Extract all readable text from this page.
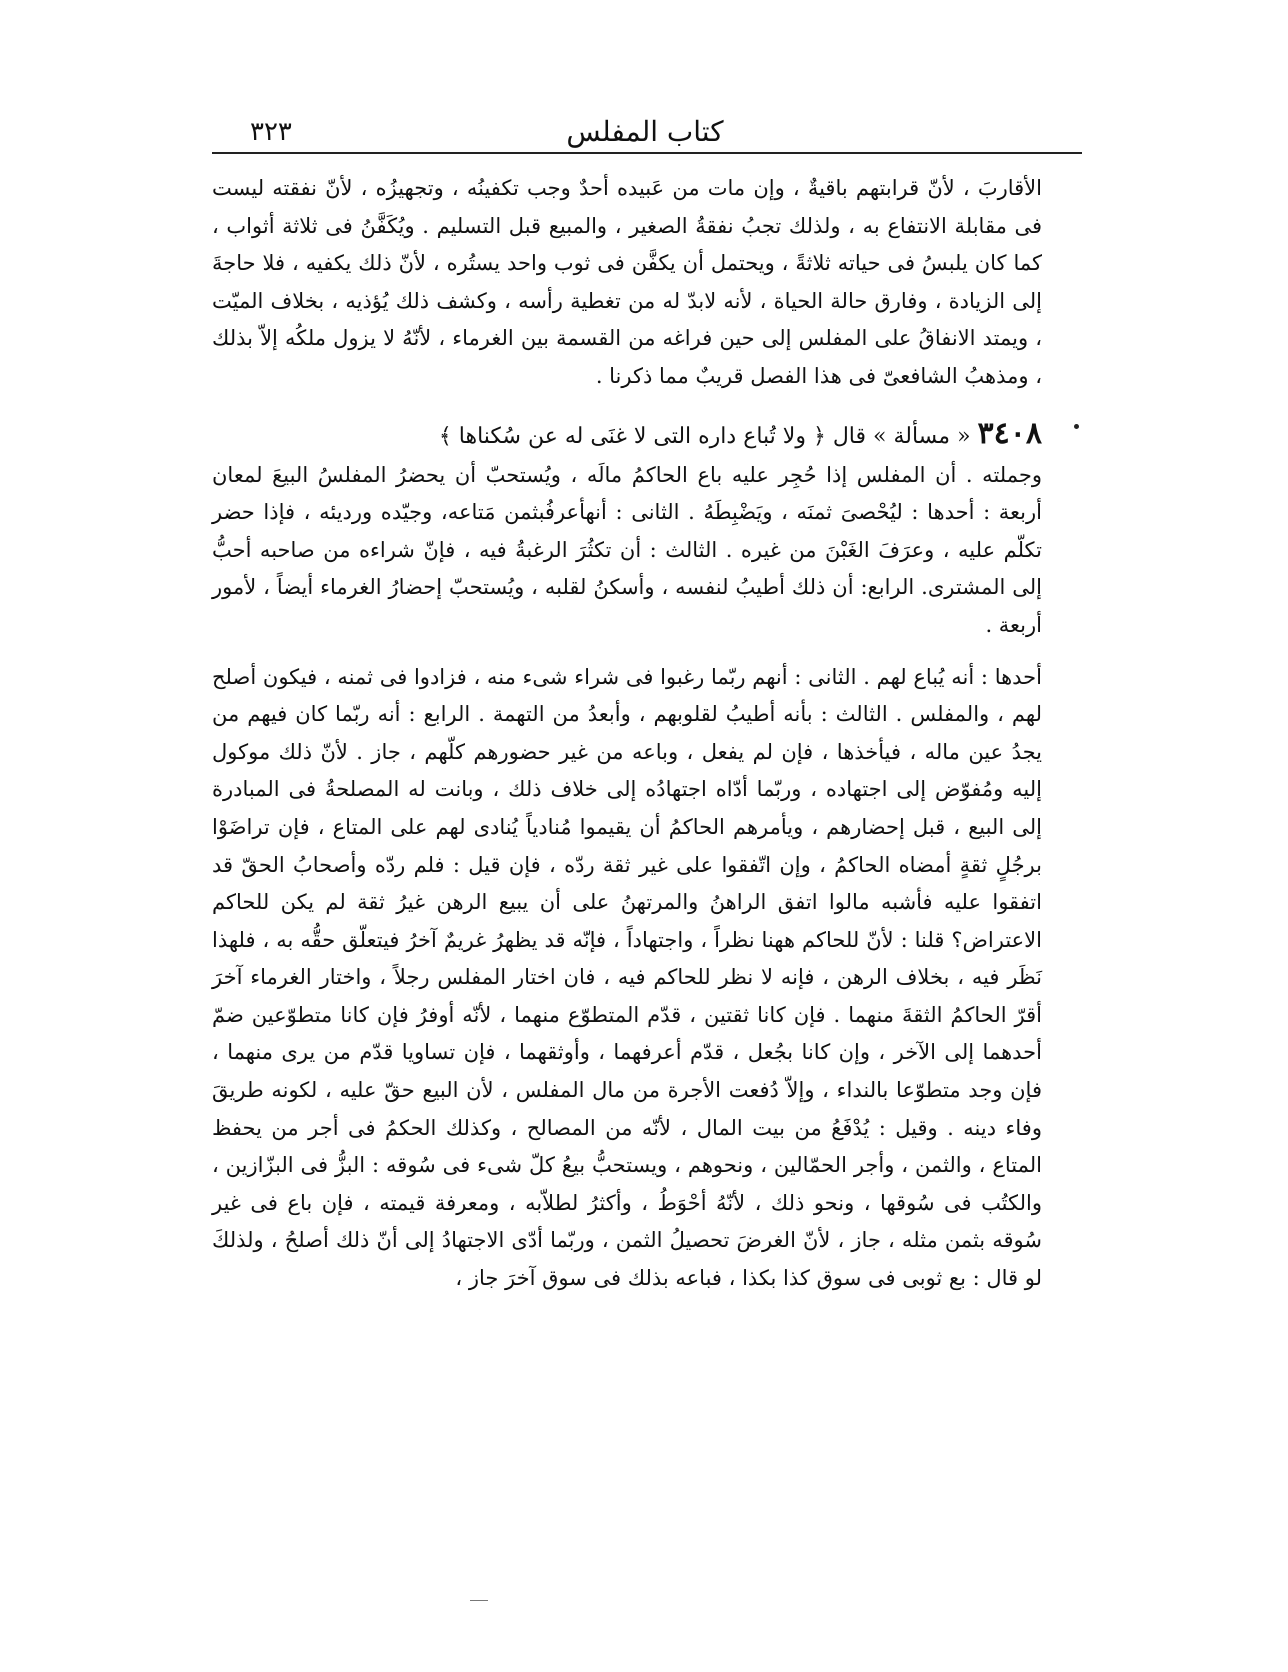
كتاب المفلس
٣٢٣

الأقاربَ ، لأنّ قرابتهم باقيةٌ ، وإن مات من عَبيده أحدٌ وجب تكفينُه ، وتجهيزُه ، لأنّ نفقته ليست فى مقابلة الانتفاع به ، ولذلك تجبُ نفقةُ الصغير ، والمبيع قبل التسليم . ويُكَفَّنُ فى ثلاثة أثواب ، كما كان يلبسُ فى حياته ثلاثةً ، ويحتمل أن يكفَّن فى ثوب واحد يستُره ، لأنّ ذلك يكفيه ، فلا حاجةَ إلى الزيادة ، وفارق حالة الحياة ، لأنه لابدّ له من تغطية رأسه ، وكشف ذلك يُؤذيه ، بخلاف الميّت ، ويمتد الانفاقُ على المفلس إلى حين فراغه من القسمة بين الغرماء ، لأنّهُ لا يزول ملكُه إلاّ بذلك ، ومذهبُ الشافعىّ فى هذا الفصل قريبٌ مما ذكرنا .

٣٤٠٨ « مسألة » قال ﴿ ولا تُباع داره التى لا غنَى له عن سُكناها ﴾

وجملته . أن المفلس إذا حُجِر عليه باع الحاكمُ مالَه ، ويُستحبّ أن يحضرُ المفلسُ البيعَ لمعان أربعة : أحدها : ليُحْصىَ ثمنَه ، ويَضْبِطَهُ . الثانى : أنهأعرفُبثمن مَتاعه، وجيّده ورديئه ، فإذا حضر تكلّم عليه ، وعرَفَ الغَبْنَ من غيره . الثالث : أن تكثُرَ الرغبةُ فيه ، فإنّ شراءه من صاحبه أحبُّ إلى المشترى. الرابع: أن ذلك أطيبُ لنفسه ، وأسكنُ لقلبه ، ويُستحبّ إحضارُ الغرماء أيضاً ، لأمور أربعة .

أحدها : أنه يُباع لهم . الثانى : أنهم ربّما رغبوا فى شراء شىء منه ، فزادوا فى ثمنه ، فيكون أصلح لهم ، والمفلس . الثالث : بأنه أطيبُ لقلوبهم ، وأبعدُ من التهمة . الرابع : أنه ربّما كان فيهم من يجدُ عين ماله ، فيأخذها ، فإن لم يفعل ، وباعه من غير حضورهم كلّهم ، جاز . لأنّ ذلك موكول إليه ومُفوّض إلى اجتهاده ، وربّما أدّاه اجتهادُه إلى خلاف ذلك ، وبانت له المصلحةُ فى المبادرة إلى البيع ، قبل إحضارهم ، ويأمرهم الحاكمُ أن يقيموا مُنادياً يُنادى لهم على المتاع ، فإن تراضَوْا برجُلٍ ثقةٍ أمضاه الحاكمُ ، وإن اتّفقوا على غير ثقة ردّه ، فإن قيل : فلم ردّه وأصحابُ الحقّ قد اتفقوا عليه فأشبه مالوا اتفق الراهنُ والمرتهنُ على أن يبيع الرهن غيرُ ثقة لم يكن للحاكم الاعتراض؟ قلنا : لأنّ للحاكم ههنا نظراً ، واجتهاداً ، فإنّه قد يظهرُ غريمٌ آخرُ فيتعلّق حقُّه به ، فلهذا نَظَر فيه ، بخلاف الرهن ، فإنه لا نظر للحاكم فيه ، فان اختار المفلس رجلاً ، واختار الغرماء آخرَ أقرّ الحاكمُ الثقةَ منهما . فإن كانا ثقتين ، قدّم المتطوّع منهما ، لأنّه أوفرُ فإن كانا متطوّعين ضمّ أحدهما إلى الآخر ، وإن كانا بجُعل ، قدّم أعرفهما ، وأوثقهما ، فإن تساويا قدّم من يرى منهما ، فإن وجد متطوّعا بالنداء ، وإلاّ دُفعت الأجرة من مال المفلس ، لأن البيع حقّ عليه ، لكونه طريقَ وفاء دينه . وقيل : يُدْفَعُ من بيت المال ، لأنّه من المصالح ، وكذلك الحكمُ فى أجر من يحفظ المتاع ، والثمن ، وأجر الحمّالين ، ونحوهم ، ويستحبُّ بيعُ كلّ شىء فى سُوقه : البزُّ فى البزّازين ، والكتُب فى سُوقها ، ونحو ذلك ، لأنّهُ أحْوَطُ ، وأكثرُ لطلاّبه ، ومعرفة قيمته ، فإن باع فى غير سُوقه بثمن مثله ، جاز ، لأنّ الغرضَ تحصيلُ الثمن ، وربّما أدّى الاجتهادُ إلى أنّ ذلك أصلحُ ، ولذلكَ لو قال : بع ثوبى فى سوق كذا بكذا ، فباعه بذلك فى سوق آخرَ جاز ،
